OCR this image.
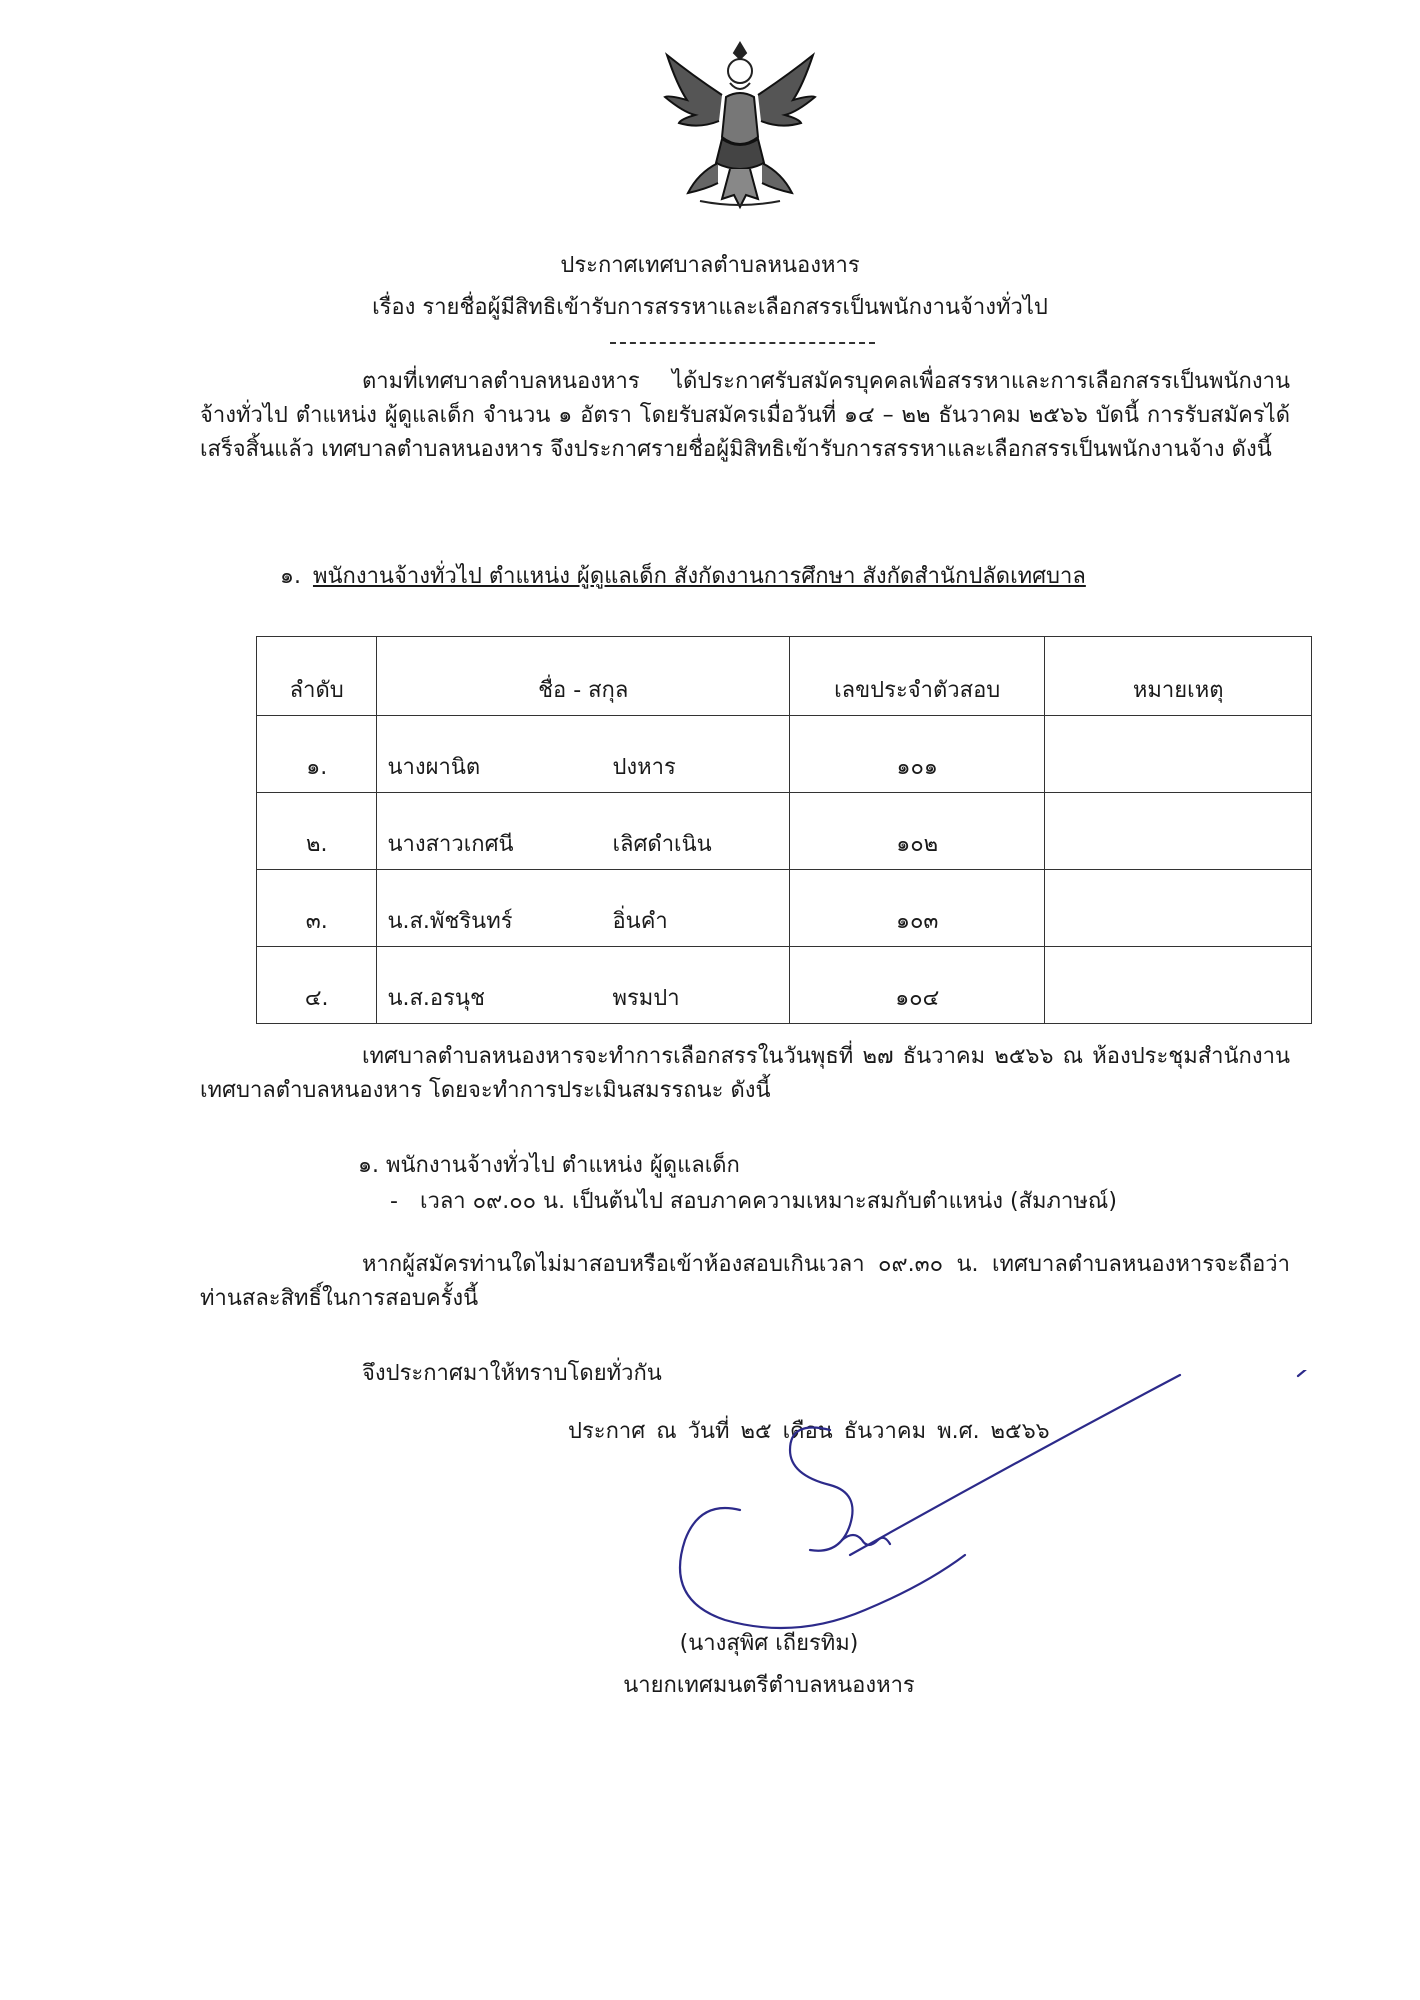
ประกาศเทศบาลตำบลหนองหาร
เรื่อง รายชื่อผู้มีสิทธิเข้ารับการสรรหาและเลือกสรรเป็นพนักงานจ้างทั่วไป
ตามที่เทศบาลตำบลหนองหาร ได้ประกาศรับสมัครบุคคลเพื่อสรรหาและการเลือกสรรเป็นพนักงานจ้างทั่วไป ตำแหน่ง ผู้ดูแลเด็ก จำนวน ๑ อัตรา โดยรับสมัครเมื่อวันที่ ๑๔ – ๒๒ ธันวาคม ๒๕๖๖ บัดนี้ การรับสมัครได้เสร็จสิ้นแล้ว เทศบาลตำบลหนองหาร จึงประกาศรายชื่อผู้มิสิทธิเข้ารับการสรรหาและเลือกสรรเป็นพนักงานจ้าง ดังนี้
๑. พนักงานจ้างทั่วไป ตำแหน่ง ผู้ดูแลเด็ก สังกัดงานการศึกษา สังกัดสำนักปลัดเทศบาล
ลำดับ	ชื่อ - สกุล	เลขประจำตัวสอบ	หมายเหตุ
๑.	นางผานิต ปงหาร	๑๐๑	
๒.	นางสาวเกศนี เลิศดำเนิน	๑๐๒	
๓.	น.ส.พัชรินทร์ อิ่นคำ	๑๐๓	
๔.	น.ส.อรนุช พรมปา	๑๐๔	
เทศบาลตำบลหนองหารจะทำการเลือกสรรในวันพุธที่ ๒๗ ธันวาคม ๒๕๖๖ ณ ห้องประชุมสำนักงานเทศบาลตำบลหนองหาร โดยจะทำการประเมินสมรรถนะ ดังนี้
๑. พนักงานจ้างทั่วไป ตำแหน่ง ผู้ดูแลเด็ก
- เวลา ๐๙.๐๐ น. เป็นต้นไป สอบภาคความเหมาะสมกับตำแหน่ง (สัมภาษณ์)
หากผู้สมัครท่านใดไม่มาสอบหรือเข้าห้องสอบเกินเวลา ๐๙.๓๐ น. เทศบาลตำบลหนองหารจะถือว่าท่านสละสิทธิ์ในการสอบครั้งนี้
จึงประกาศมาให้ทราบโดยทั่วกัน
ประกาศ ณ วันที่ ๒๕ เดือน ธันวาคม พ.ศ. ๒๕๖๖
(นางสุพิศ เถียรทิม)
นายกเทศมนตรีตำบลหนองหาร
